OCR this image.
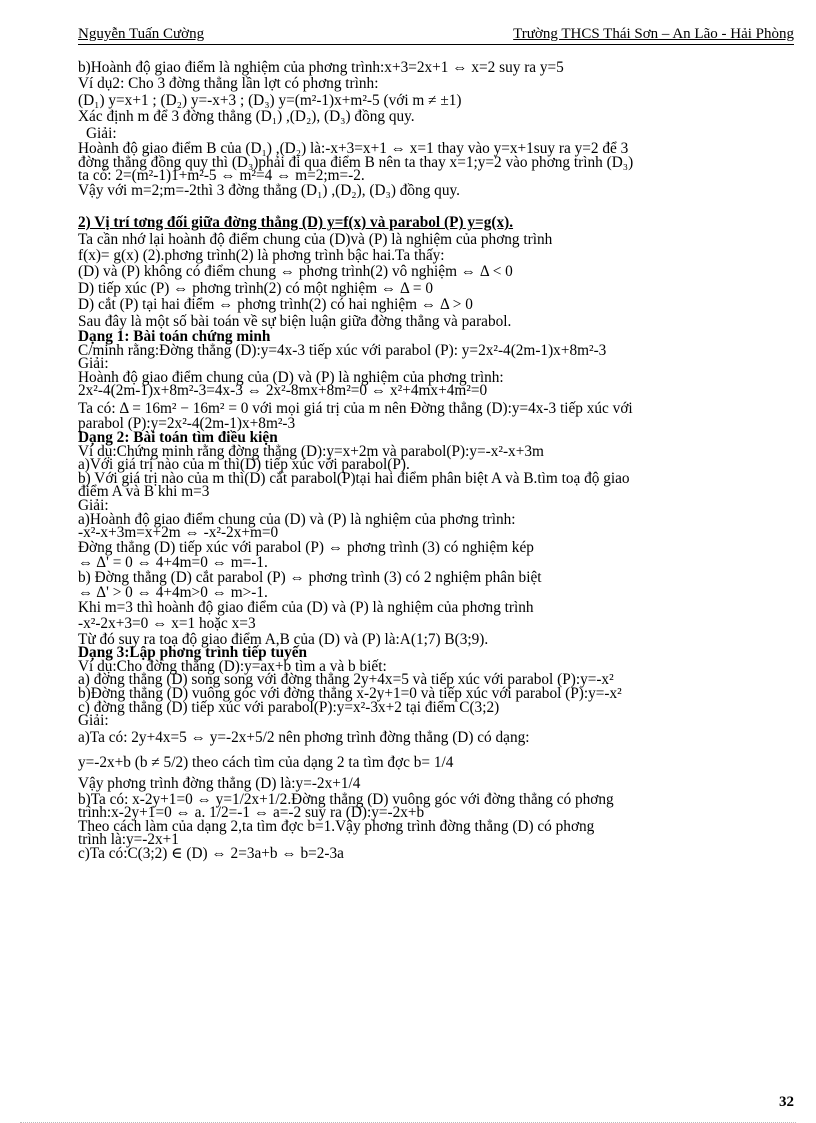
Nguyễn Tuấn Cường	Trường THCS Thái Sơn – An Lão - Hải Phòng
b)Hoành độ giao điểm là nghiệm của phơng trình:x+3=2x+1 ⇔ x=2 suy ra y=5
Ví dụ2: Cho 3 đờng thẳng lần lợt có phơng trình:
(D₁) y=x+1 ; (D₂) y=-x+3 ; (D₃) y=(m²-1)x+m²-5 (với m ≠ ±1)
Xác định m để 3 đờng thẳng (D₁) ,(D₂), (D₃) đồng quy.
Giải:
Hoành độ giao điểm B của (D₁) ,(D₂) là:-x+3=x+1 ⇔ x=1 thay vào y=x+1suy ra y=2 để 3
đờng thẳng đồng quy thì (D₃)phải đi qua điểm B nên ta thay x=1;y=2 vào phơng trình (D₃)
ta có: 2=(m²-1)1+m²-5 ⇔ m²=4 ⇔ m=2;m=-2.
Vậy với m=2;m=-2thì 3 đờng thẳng (D₁) ,(D₂), (D₃) đồng quy.
2) Vị trí tơng đối giữa đờng thẳng (D) y=f(x) và parabol (P) y=g(x).
Ta cần nhớ lại hoành độ điểm chung của (D)và (P) là nghiệm của phơng trình
f(x)= g(x) (2).phơng trình(2) là phơng trình bậc hai.Ta thấy:
(D) và (P) không có điểm chung ⇔ phơng trình(2) vô nghiệm ⇔ Δ < 0
D) tiếp xúc (P) ⇔ phơng trình(2) có một nghiệm ⇔ Δ = 0
D) cắt (P) tại hai điểm ⇔ phơng trình(2) có hai nghiệm ⇔ Δ > 0
Sau đây là một số bài toán về sự biện luận giữa đờng thẳng và parabol.
Dạng 1: Bài toán chứng minh
C/minh rằng:Đờng thẳng (D):y=4x-3 tiếp xúc với parabol (P): y=2x²-4(2m-1)x+8m²-3
Giải:
Hoành độ giao điểm chung của (D) và (P) là nghiệm của phơng trình:
2x²-4(2m-1)x+8m²-3=4x-3 ⇔ 2x²-8mx+8m²=0 ⇔ x²+4mx+4m²=0
Ta có: Δ = 16m² − 16m² = 0 với mọi giá trị của m nên Đờng thẳng (D):y=4x-3 tiếp xúc với
parabol (P):y=2x²-4(2m-1)x+8m²-3
Dạng 2: Bài toán tìm điều kiện
Ví dụ:Chứng minh rằng đờng thẳng (D):y=x+2m và parabol(P):y=-x²-x+3m
a)Với giá trị nào của m thì(D) tiếp xúc với parabol(P).
b) Với giá trị nào của m thì(D) cắt parabol(P)tại hai điểm phân biệt A và B.tìm toạ độ giao
điểm A và B khi m=3
Giải:
a)Hoành độ giao điểm chung của (D) và (P) là nghiệm của phơng trình:
-x²-x+3m=x+2m ⇔ -x²-2x+m=0
Đờng thẳng (D) tiếp xúc với parabol (P) ⇔ phơng trình (3) có nghiệm kép
⇔ Δ' = 0 ⇔ 4+4m=0 ⇔ m=-1.
b) Đờng thẳng (D) cắt parabol (P) ⇔ phơng trình (3) có 2 nghiệm phân biệt
⇔ Δ' > 0 ⇔ 4+4m>0 ⇔ m>-1.
Khi m=3 thì hoành độ giao điểm của (D) và (P) là nghiệm của phơng trình
-x²-2x+3=0 ⇔ x=1 hoặc x=3
Từ đó suy ra toạ độ giao điểm A,B của (D) và (P) là:A(1;7) B(3;9).
Dạng 3:Lập phơng trình tiếp tuyến
Ví dụ:Cho đờng thẳng (D):y=ax+b tìm a và b biết:
a) đờng thẳng (D) song song với đờng thẳng 2y+4x=5 và tiếp xúc với parabol (P):y=-x²
b)Đờng thẳng (D) vuông góc với đờng thẳng x-2y+1=0 và tiếp xúc với parabol (P):y=-x²
c) đờng thẳng (D) tiếp xúc với parabol(P):y=x²-3x+2 tại điểm C(3;2)
Giải:
a)Ta có: 2y+4x=5 ⇔ y=-2x+5/2 nên phơng trình đờng thẳng (D) có dạng:
y=-2x+b (b ≠ 5/2) theo cách tìm của dạng 2 ta tìm đợc b= 1/4
Vậy phơng trình đờng thẳng (D) là:y=-2x+1/4
b)Ta có: x-2y+1=0 ⇔ y=1/2x+1/2.Đờng thẳng (D) vuông góc với đờng thẳng có phơng
trình:x-2y+1=0 ⇔ a. 1/2=-1 ⇔ a=-2 suy ra (D):y=-2x+b
Theo cách làm của dạng 2,ta tìm đợc b=1.Vậy phơng trình đờng thẳng (D) có phơng
trình là:y=-2x+1
c)Ta có:C(3;2) ∈ (D) ⇔ 2=3a+b ⇔ b=2-3a
32
